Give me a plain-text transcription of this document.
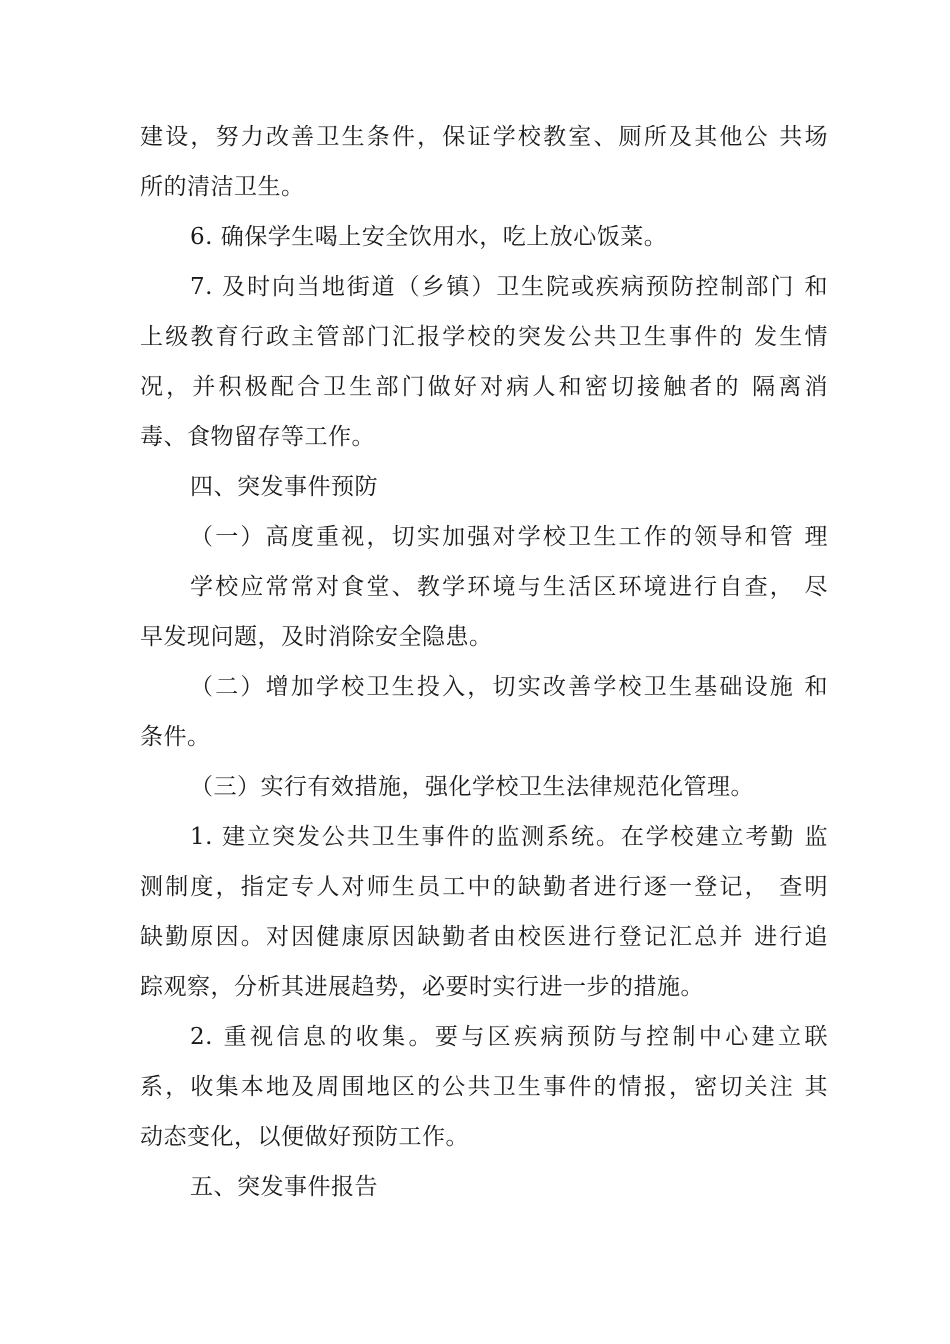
建设，努力改善卫生条件，保证学校教室、厕所及其他公 共场
所的清洁卫生。
6. 确保学生喝上安全饮用水，吃上放心饭菜。
7. 及时向当地街道（乡镇）卫生院或疾病预防控制部门 和
上级教育行政主管部门汇报学校的突发公共卫生事件的 发生情
况，并积极配合卫生部门做好对病人和密切接触者的 隔离消
毒、食物留存等工作。
四、突发事件预防
（一）高度重视，切实加强对学校卫生工作的领导和管 理
学校应常常对食堂、教学环境与生活区环境进行自查， 尽
早发现问题，及时消除安全隐患。
（二）增加学校卫生投入，切实改善学校卫生基础设施 和
条件。
（三）实行有效措施，强化学校卫生法律规范化管理。
1. 建立突发公共卫生事件的监测系统。在学校建立考勤 监
测制度，指定专人对师生员工中的缺勤者进行逐一登记， 查明
缺勤原因。对因健康原因缺勤者由校医进行登记汇总并 进行追
踪观察，分析其进展趋势，必要时实行进一步的措施。
2. 重视信息的收集。要与区疾病预防与控制中心建立联
系，收集本地及周围地区的公共卫生事件的情报，密切关注 其
动态变化，以便做好预防工作。
五、突发事件报告
